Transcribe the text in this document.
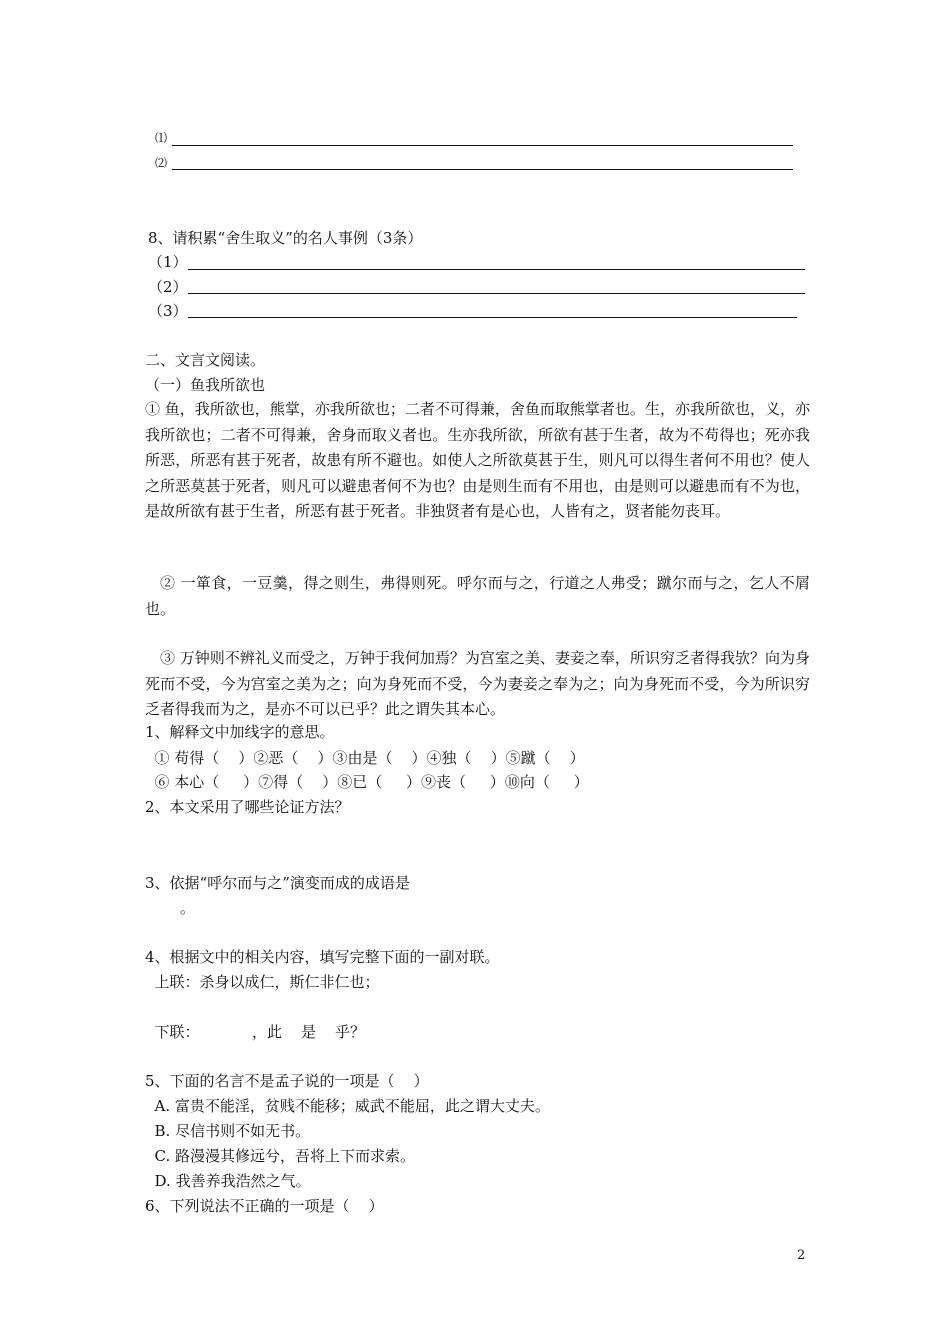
⑴
⑵
8、请积累“舍生取义”的名人事例（3条）
（1）
（2）
（3）
二、文言文阅读。
（一）鱼我所欲也
① 鱼，我所欲也，熊掌，亦我所欲也；二者不可得兼，舍鱼而取熊掌者也。生，亦我所欲也，义，亦我所欲也；二者不可得兼，舍身而取义者也。生亦我所欲，所欲有甚于生者，故为不苟得也；死亦我所恶，所恶有甚于死者，故患有所不避也。如使人之所欲莫甚于生，则凡可以得生者何不用也？使人之所恶莫甚于死者，则凡可以避患者何不为也？由是则生而有不用也，由是则可以避患而有不为也，是故所欲有甚于生者，所恶有甚于死者。非独贤者有是心也，人皆有之，贤者能勿丧耳。
② 一箪食，一豆羹，得之则生，弗得则死。呼尔而与之，行道之人弗受；蹴尔而与之，乞人不屑也。
③ 万钟则不辨礼义而受之，万钟于我何加焉？为宫室之美、妻妾之奉，所识穷乏者得我欤？向为身死而不受，今为宫室之美为之；向为身死而不受，今为妻妾之奉为之；向为身死而不受，今为所识穷乏者得我而为之，是亦不可以已乎？此之谓失其本心。
1、解释文中加线字的意思。
① 苟得（    ）②恶（    ）③由是（    ）④独（    ）⑤蹴（    ）
⑥ 本心（     ）⑦得（    ）⑧已（     ）⑨丧（     ）⑩向（     ）
2、本文采用了哪些论证方法？
3、依据“呼尔而与之”演变而成的成语是
。
4、根据文中的相关内容，填写完整下面的一副对联。
上联：杀身以成仁，斯仁非仁也；
下联：           ，此    是    乎？
5、下面的名言不是孟子说的一项是（    ）
A. 富贵不能淫，贫贱不能移；威武不能屈，此之谓大丈夫。
B. 尽信书则不如无书。
C. 路漫漫其修远兮，吾将上下而求索。
D. 我善养我浩然之气。
6、下列说法不正确的一项是（    ）
2
